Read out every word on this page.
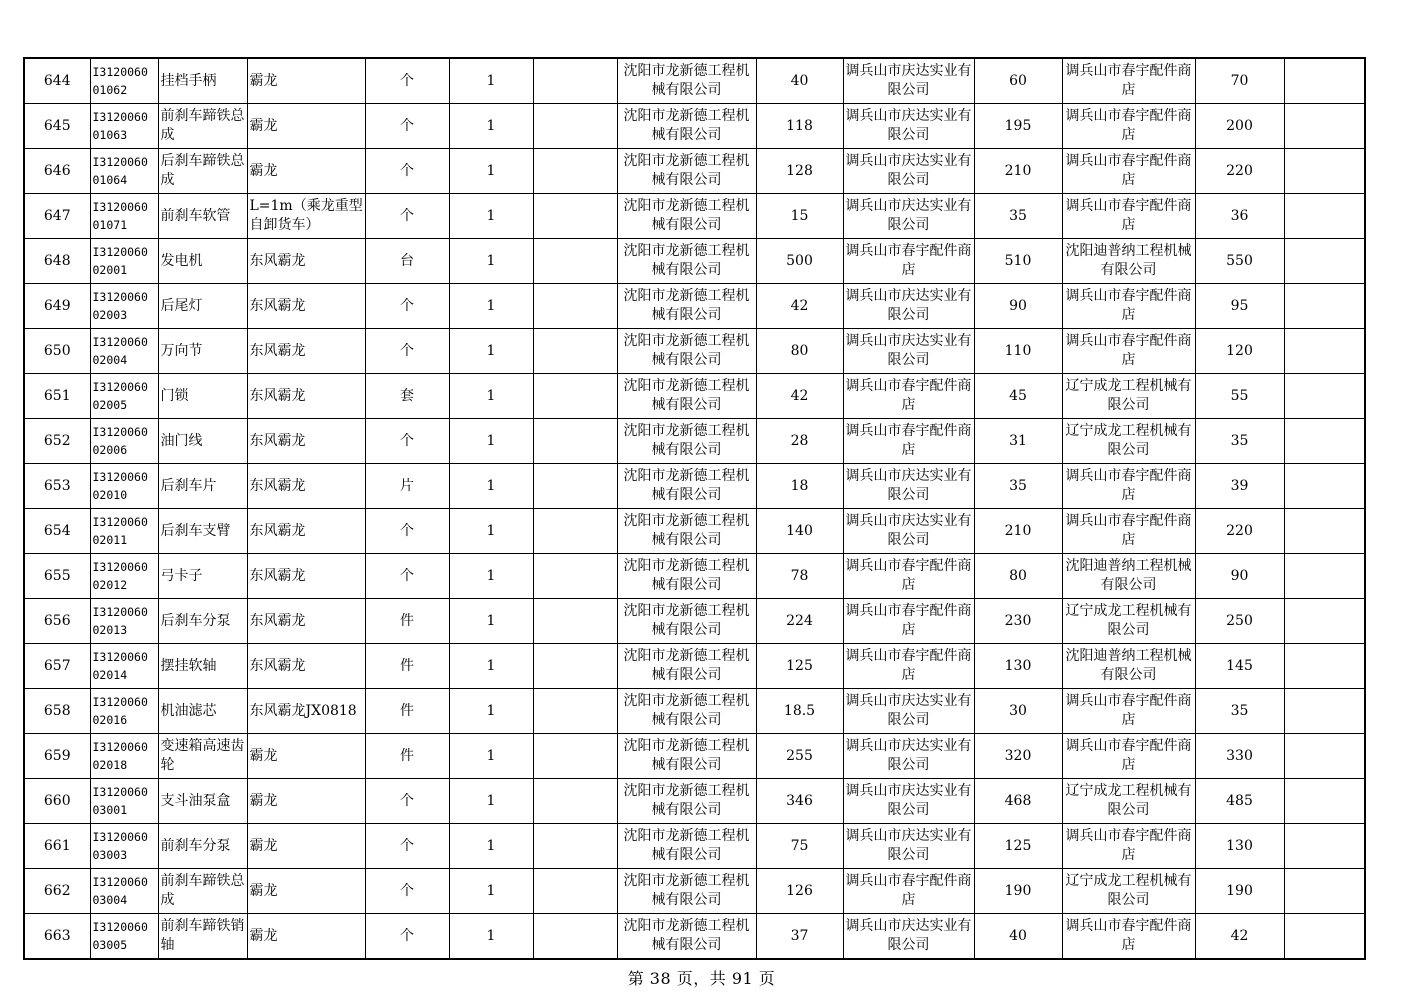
644	I3120060 01062	挂档手柄	霸龙	个	1		沈阳市龙新德工程机械有限公司	40	调兵山市庆达实业有限公司	60	调兵山市春宇配件商店	70	
645	I3120060 01063	前刹车蹄铁总成	霸龙	个	1		沈阳市龙新德工程机械有限公司	118	调兵山市庆达实业有限公司	195	调兵山市春宇配件商店	200	
646	I3120060 01064	后刹车蹄铁总成	霸龙	个	1		沈阳市龙新德工程机械有限公司	128	调兵山市庆达实业有限公司	210	调兵山市春宇配件商店	220	
647	I3120060 01071	前刹车软管	L=1m（乘龙重型自卸货车）	个	1		沈阳市龙新德工程机械有限公司	15	调兵山市庆达实业有限公司	35	调兵山市春宇配件商店	36	
648	I3120060 02001	发电机	东风霸龙	台	1		沈阳市龙新德工程机械有限公司	500	调兵山市春宇配件商店	510	沈阳迪普纳工程机械有限公司	550	
649	I3120060 02003	后尾灯	东风霸龙	个	1		沈阳市龙新德工程机械有限公司	42	调兵山市庆达实业有限公司	90	调兵山市春宇配件商店	95	
650	I3120060 02004	万向节	东风霸龙	个	1		沈阳市龙新德工程机械有限公司	80	调兵山市庆达实业有限公司	110	调兵山市春宇配件商店	120	
651	I3120060 02005	门锁	东风霸龙	套	1		沈阳市龙新德工程机械有限公司	42	调兵山市春宇配件商店	45	辽宁成龙工程机械有限公司	55	
652	I3120060 02006	油门线	东风霸龙	个	1		沈阳市龙新德工程机械有限公司	28	调兵山市春宇配件商店	31	辽宁成龙工程机械有限公司	35	
653	I3120060 02010	后刹车片	东风霸龙	片	1		沈阳市龙新德工程机械有限公司	18	调兵山市庆达实业有限公司	35	调兵山市春宇配件商店	39	
654	I3120060 02011	后刹车支臂	东风霸龙	个	1		沈阳市龙新德工程机械有限公司	140	调兵山市庆达实业有限公司	210	调兵山市春宇配件商店	220	
655	I3120060 02012	弓卡子	东风霸龙	个	1		沈阳市龙新德工程机械有限公司	78	调兵山市春宇配件商店	80	沈阳迪普纳工程机械有限公司	90	
656	I3120060 02013	后刹车分泵	东风霸龙	件	1		沈阳市龙新德工程机械有限公司	224	调兵山市春宇配件商店	230	辽宁成龙工程机械有限公司	250	
657	I3120060 02014	摆挂软轴	东风霸龙	件	1		沈阳市龙新德工程机械有限公司	125	调兵山市春宇配件商店	130	沈阳迪普纳工程机械有限公司	145	
658	I3120060 02016	机油滤芯	东风霸龙JX0818	件	1		沈阳市龙新德工程机械有限公司	18.5	调兵山市庆达实业有限公司	30	调兵山市春宇配件商店	35	
659	I3120060 02018	变速箱高速齿轮	霸龙	件	1		沈阳市龙新德工程机械有限公司	255	调兵山市庆达实业有限公司	320	调兵山市春宇配件商店	330	
660	I3120060 03001	支斗油泵盒	霸龙	个	1		沈阳市龙新德工程机械有限公司	346	调兵山市庆达实业有限公司	468	辽宁成龙工程机械有限公司	485	
661	I3120060 03003	前刹车分泵	霸龙	个	1		沈阳市龙新德工程机械有限公司	75	调兵山市庆达实业有限公司	125	调兵山市春宇配件商店	130	
662	I3120060 03004	前刹车蹄铁总成	霸龙	个	1		沈阳市龙新德工程机械有限公司	126	调兵山市春宇配件商店	190	辽宁成龙工程机械有限公司	190	
663	I3120060 03005	前刹车蹄铁销轴	霸龙	个	1		沈阳市龙新德工程机械有限公司	37	调兵山市庆达实业有限公司	40	调兵山市春宇配件商店	42	
第 38 页，共 91 页
